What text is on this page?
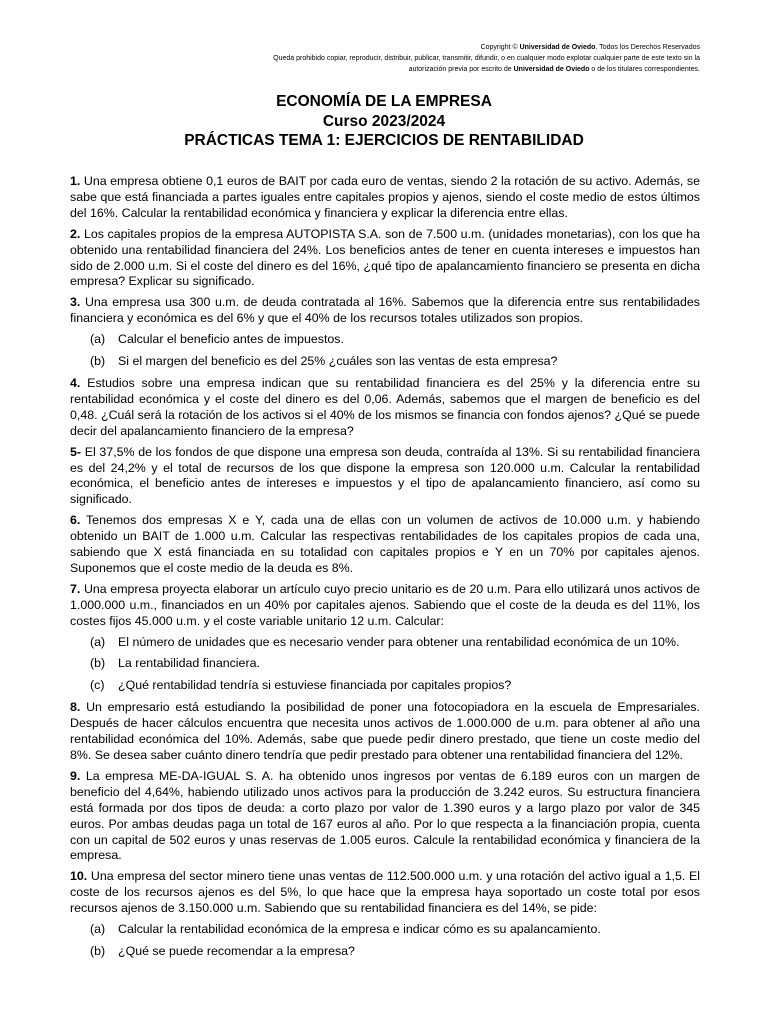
Copyright © Universidad de Oviedo. Todos los Derechos Reservados
Queda prohibido copiar, reproducir, distribuir, publicar, transmitir, difundir, o en cualquier modo explotar cualquier parte de este texto sin la
autorización previa por escrito de Universidad de Oviedo o de los titulares correspondientes.
ECONOMÍA DE LA EMPRESA
Curso 2023/2024
PRÁCTICAS TEMA 1: EJERCICIOS DE RENTABILIDAD
1. Una empresa obtiene 0,1 euros de BAIT por cada euro de ventas, siendo 2 la rotación de su activo. Además, se sabe que está financiada a partes iguales entre capitales propios y ajenos, siendo el coste medio de estos últimos del 16%. Calcular la rentabilidad económica y financiera y explicar la diferencia entre ellas.
2. Los capitales propios de la empresa AUTOPISTA S.A. son de 7.500 u.m. (unidades monetarias), con los que ha obtenido una rentabilidad financiera del 24%. Los beneficios antes de tener en cuenta intereses e impuestos han sido de 2.000 u.m. Si el coste del dinero es del 16%, ¿qué tipo de apalancamiento financiero se presenta en dicha empresa? Explicar su significado.
3. Una empresa usa 300 u.m. de deuda contratada al 16%. Sabemos que la diferencia entre sus rentabilidades financiera y económica es del 6% y que el 40% de los recursos totales utilizados son propios.
(a)	Calcular el beneficio antes de impuestos.
(b)	Si el margen del beneficio es del 25% ¿cuáles son las ventas de esta empresa?
4. Estudios sobre una empresa indican que su rentabilidad financiera es del 25% y la diferencia entre su rentabilidad económica y el coste del dinero es del 0,06. Además, sabemos que el margen de beneficio es del 0,48. ¿Cuál será la rotación de los activos si el 40% de los mismos se financia con fondos ajenos? ¿Qué se puede decir del apalancamiento financiero de la empresa?
5- El 37,5% de los fondos de que dispone una empresa son deuda, contraída al 13%. Si su rentabilidad financiera es del 24,2% y el total de recursos de los que dispone la empresa son 120.000 u.m. Calcular la rentabilidad económica, el beneficio antes de intereses e impuestos y el tipo de apalancamiento financiero, así como su significado.
6. Tenemos dos empresas X e Y, cada una de ellas con un volumen de activos de 10.000 u.m. y habiendo obtenido un BAIT de 1.000 u.m. Calcular las respectivas rentabilidades de los capitales propios de cada una, sabiendo que X está financiada en su totalidad con capitales propios e Y en un 70% por capitales ajenos. Suponemos que el coste medio de la deuda es 8%.
7. Una empresa proyecta elaborar un artículo cuyo precio unitario es de 20 u.m. Para ello utilizará unos activos de 1.000.000 u.m., financiados en un 40% por capitales ajenos. Sabiendo que el coste de la deuda es del 11%, los costes fijos 45.000 u.m. y el coste variable unitario 12 u.m. Calcular:
(a)	El número de unidades que es necesario vender para obtener una rentabilidad económica de un 10%.
(b)	La rentabilidad financiera.
(c)	¿Qué rentabilidad tendría si estuviese financiada por capitales propios?
8. Un empresario está estudiando la posibilidad de poner una fotocopiadora en la escuela de Empresariales. Después de hacer cálculos encuentra que necesita unos activos de 1.000.000 de u.m. para obtener al año una rentabilidad económica del 10%. Además, sabe que puede pedir dinero prestado, que tiene un coste medio del 8%. Se desea saber cuánto dinero tendría que pedir prestado para obtener una rentabilidad financiera del 12%.
9. La empresa ME-DA-IGUAL S. A. ha obtenido unos ingresos por ventas de 6.189 euros con un margen de beneficio del 4,64%, habiendo utilizado unos activos para la producción de 3.242 euros. Su estructura financiera está formada por dos tipos de deuda: a corto plazo por valor de 1.390 euros y a largo plazo por valor de 345 euros. Por ambas deudas paga un total de 167 euros al año. Por lo que respecta a la financiación propia, cuenta con un capital de 502 euros y unas reservas de 1.005 euros. Calcule la rentabilidad económica y financiera de la empresa.
10. Una empresa del sector minero tiene unas ventas de 112.500.000 u.m. y una rotación del activo igual a 1,5. El coste de los recursos ajenos es del 5%, lo que hace que la empresa haya soportado un coste total por esos recursos ajenos de 3.150.000 u.m. Sabiendo que su rentabilidad financiera es del 14%, se pide:
(a)	Calcular la rentabilidad económica de la empresa e indicar cómo es su apalancamiento.
(b)	¿Qué se puede recomendar a la empresa?
